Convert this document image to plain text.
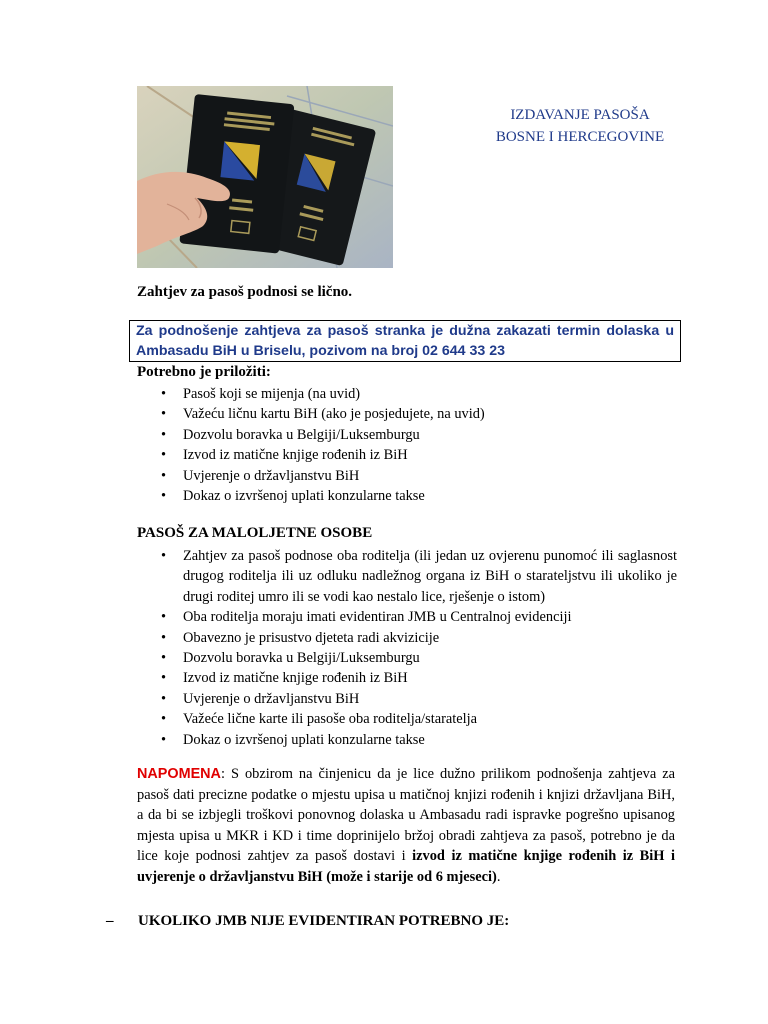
IZDAVANJE PASOŠA
BOSNE I HERCEGOVINE
Zahtjev za pasoš podnosi se lično.
Za podnošenje zahtjeva za pasoš stranka je dužna zakazati termin dolaska u Ambasadu BiH u Briselu, pozivom na broj 02 644 33 23
Potrebno je priložiti:
• Pasoš koji se mijenja (na uvid)
• Važeću ličnu kartu BiH (ako je posjedujete, na uvid)
• Dozvolu boravka u Belgiji/Luksemburgu
• Izvod iz matične knjige rođenih iz BiH
• Uvjerenje o državljanstvu BiH
• Dokaz o izvršenoj uplati konzularne takse
PASOŠ ZA MALOLJETNE OSOBE
• Zahtjev za pasoš podnose oba roditelja (ili jedan uz ovjerenu punomoć ili saglasnost drugog roditelja ili uz odluku nadležnog organa iz BiH o starateljstvu ili ukoliko je drugi roditej umro ili se vodi kao nestalo lice, rješenje o istom)
• Oba roditelja moraju imati evidentiran JMB u Centralnoj evidenciji
• Obavezno je prisustvo djeteta radi akvizicije
• Dozvolu boravka u Belgiji/Luksemburgu
• Izvod iz matične knjige rođenih iz BiH
• Uvjerenje o državljanstvu BiH
• Važeće lične karte ili pasoše oba roditelja/staratelja
• Dokaz o izvršenoj uplati konzularne takse
NAPOMENA: S obzirom na činjenicu da je lice dužno prilikom podnošenja zahtjeva za pasoš dati precizne podatke o mjestu upisa u matičnoj knjizi rođenih i knjizi državljana BiH, a da bi se izbjegli troškovi ponovnog dolaska u Ambasadu radi ispravke pogrešno upisanog mjesta upisa u MKR i KD i time doprinijelo bržoj obradi zahtjeva za pasoš, potrebno je da lice koje podnosi zahtjev za pasoš dostavi i izvod iz matične knjige rođenih iz BiH i uvjerenje o državljanstvu BiH (može i starije od 6 mjeseci).
– UKOLIKO JMB NIJE EVIDENTIRAN POTREBNO JE:
